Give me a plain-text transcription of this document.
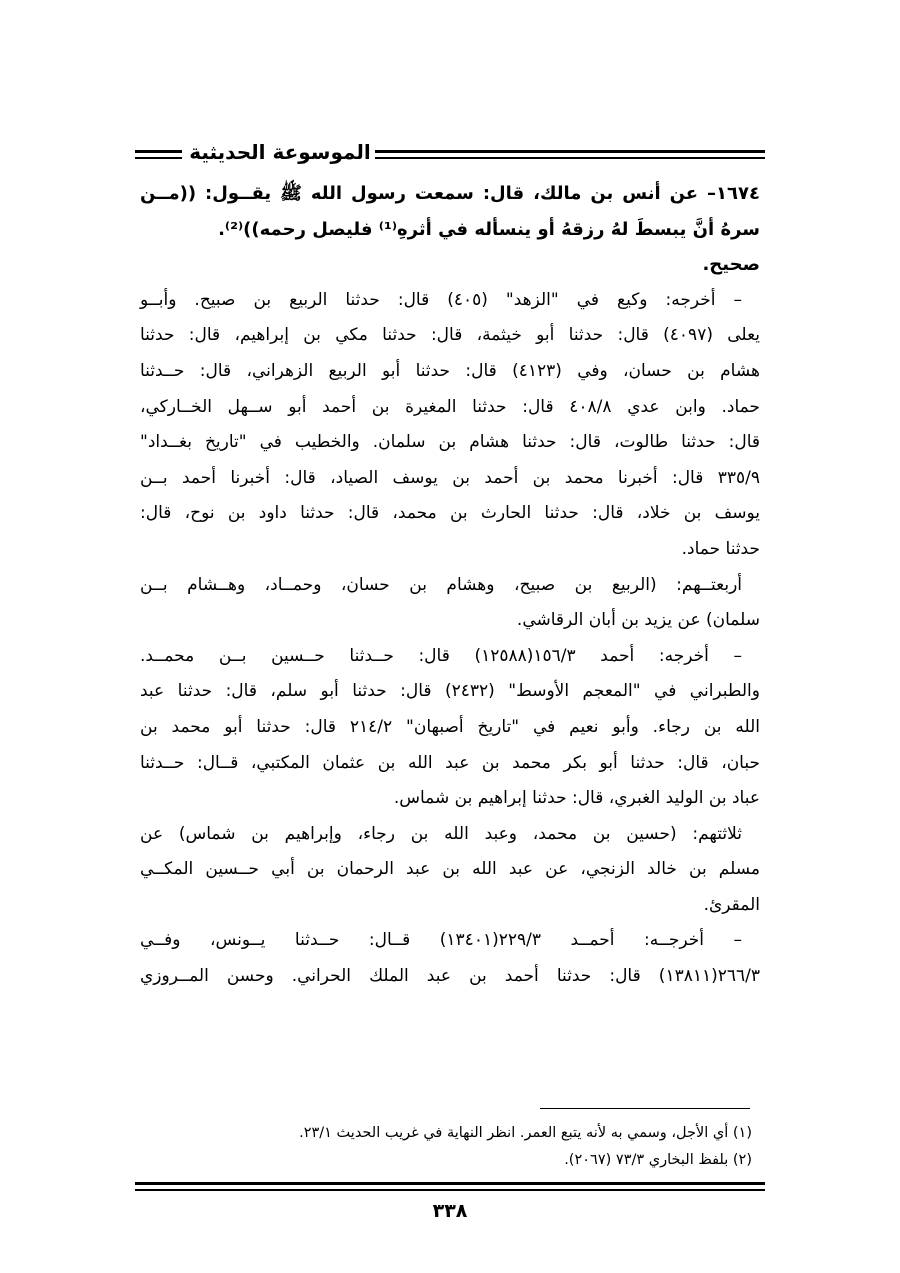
الموسوعة الحديثية

١٦٧٤– عن أنس بن مالك، قال: سمعت رسول الله ﷺ يقــول: ((مــن

سرهُ أنَّ يبسطَ لهُ رزقهُ أو ينسأله في أثرهِ⁽¹⁾ فليصل رحمه))⁽²⁾.

صحيح.

– أخرجه: وكيع في "الزهد" (٤٠٥) قال: حدثنا الربيع بن صبيح. وأبــو

يعلى (٤٠٩٧) قال: حدثنا أبو خيثمة، قال: حدثنا مكي بن إبراهيم، قال: حدثنا

هشام بن حسان، وفي (٤١٢٣) قال: حدثنا أبو الربيع الزهراني، قال: حــدثنا

حماد. وابن عدي ٤٠٨/٨ قال: حدثنا المغيرة بن أحمد أبو ســهل الخــاركي،

قال: حدثنا طالوت، قال: حدثنا هشام بن سلمان. والخطيب في "تاريخ بغــداد"

٣٣٥/٩ قال: أخبرنا محمد بن أحمد بن يوسف الصياد، قال: أخبرنا أحمد بــن

يوسف بن خلاد، قال: حدثنا الحارث بن محمد، قال: حدثنا داود بن نوح، قال:

حدثنا حماد.

أربعتــهم: (الربيع بن صبيح، وهشام بن حسان، وحمــاد، وهــشام بــن

سلمان) عن يزيد بن أبان الرقاشي.

– أخرجه: أحمد ١٥٦/٣(١٢٥٨٨) قال: حــدثنا حــسين بــن محمــد.

والطبراني في "المعجم الأوسط" (٢٤٣٢) قال: حدثنا أبو سلم، قال: حدثنا عبد

الله بن رجاء. وأبو نعيم في "تاريخ أصبهان" ٢١٤/٢ قال: حدثنا أبو محمد بن

حبان، قال: حدثنا أبو بكر محمد بن عبد الله بن عثمان المكتبي، قــال: حــدثنا

عباد بن الوليد الغبري، قال: حدثنا إبراهيم بن شماس.

ثلاثتهم: (حسين بن محمد، وعبد الله بن رجاء، وإبراهيم بن شماس) عن

مسلم بن خالد الزنجي، عن عبد الله بن عبد الرحمان بن أبي حــسين المكــي

المقرئ.

– أخرجــه: أحمــد ٢٢٩/٣(١٣٤٠١) قــال: حــدثنا يــونس، وفــي

٢٦٦/٣(١٣٨١١) قال: حدثنا أحمد بن عبد الملك الحراني. وحسن المــروزي

(١) أي الأجل، وسمي به لأنه يتبع العمر. انظر النهاية في غريب الحديث ٢٣/١.

(٢) بلفظ البخاري ٧٣/٣ (٢٠٦٧).

٣٣٨
